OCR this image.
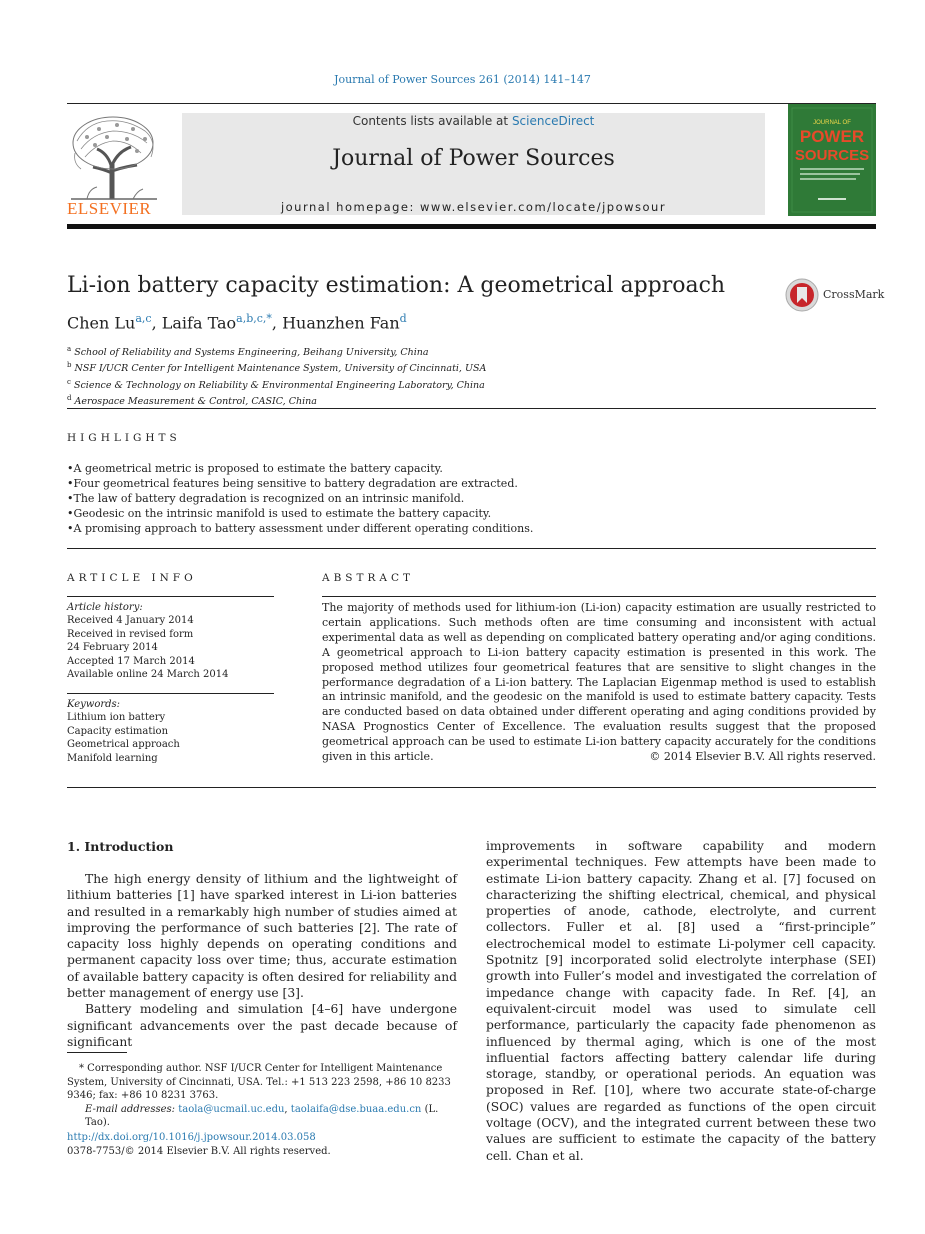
Journal of Power Sources 261 (2014) 141–147
ELSEVIER
Contents lists available at ScienceDirect
Journal of Power Sources
journal homepage: www.elsevier.com/locate/jpowsour
JOURNAL OF
POWER
SOURCES
Li-ion battery capacity estimation: A geometrical approach	CrossMark
Chen Lu$^{a,c}$, Laifa Tao$^{a,b,c,*}$, Huanzhen Fan$^d$
$^a$ School of Reliability and Systems Engineering, Beihang University, China
$^b$ NSF I/UCR Center for Intelligent Maintenance System, University of Cincinnati, USA
$^c$ Science & Technology on Reliability & Environmental Engineering Laboratory, China
$^d$ Aerospace Measurement & Control, CASIC, China
HIGHLIGHTS
• A geometrical metric is proposed to estimate the battery capacity.
• Four geometrical features being sensitive to battery degradation are extracted.
• The law of battery degradation is recognized on an intrinsic manifold.
• Geodesic on the intrinsic manifold is used to estimate the battery capacity.
• A promising approach to battery assessment under different operating conditions.
ARTICLE INFO
Article history:
Received 4 January 2014
Received in revised form
24 February 2014
Accepted 17 March 2014
Available online 24 March 2014
Keywords:
Lithium ion battery
Capacity estimation
Geometrical approach
Manifold learning
ABSTRACT
The majority of methods used for lithium-ion (Li-ion) capacity estimation are usually restricted to certain applications. Such methods often are time consuming and inconsistent with actual experimental data as well as depending on complicated battery operating and/or aging conditions. A geometrical approach to Li-ion battery capacity estimation is presented in this work. The proposed method utilizes four geometrical features that are sensitive to slight changes in the performance degradation of a Li-ion battery. The Laplacian Eigenmap method is used to establish an intrinsic manifold, and the geodesic on the manifold is used to estimate battery capacity. Tests are conducted based on data obtained under different operating and aging conditions provided by NASA Prognostics Center of Excellence. The evaluation results suggest that the proposed geometrical approach can be used to estimate Li-ion battery capacity accurately for the conditions given in this article.	© 2014 Elsevier B.V. All rights reserved.
1. Introduction

The high energy density of lithium and the lightweight of lithium batteries [1] have sparked interest in Li-ion batteries and resulted in a remarkably high number of studies aimed at improving the performance of such batteries [2]. The rate of capacity loss highly depends on operating conditions and permanent capacity loss over time; thus, accurate estimation of available battery capacity is often desired for reliability and better management of energy use [3].

Battery modeling and simulation [4–6] have undergone significant advancements over the past decade because of significant

improvements in software capability and modern experimental techniques. Few attempts have been made to estimate Li-ion battery capacity. Zhang et al. [7] focused on characterizing the shifting electrical, chemical, and physical properties of anode, cathode, electrolyte, and current collectors. Fuller et al. [8] used a “first-principle” electrochemical model to estimate Li-polymer cell capacity. Spotnitz [9] incorporated solid electrolyte interphase (SEI) growth into Fuller’s model and investigated the correlation of impedance change with capacity fade. In Ref. [4], an equivalent-circuit model was used to simulate cell performance, particularly the capacity fade phenomenon as influenced by thermal aging, which is one of the most influential factors affecting battery calendar life during storage, standby, or operational periods. An equation was proposed in Ref. [10], where two accurate state-of-charge (SOC) values are regarded as functions of the open circuit voltage (OCV), and the integrated current between these two values are sufficient to estimate the capacity of the battery cell. Chan et al.

* Corresponding author. NSF I/UCR Center for Intelligent Maintenance System, University of Cincinnati, USA. Tel.: +1 513 223 2598, +86 10 8233 9346; fax: +86 10 8231 3763.
E-mail addresses: taola@ucmail.uc.edu, taolaifa@dse.buaa.edu.cn (L. Tao).
http://dx.doi.org/10.1016/j.jpowsour.2014.03.058
0378-7753/© 2014 Elsevier B.V. All rights reserved.
